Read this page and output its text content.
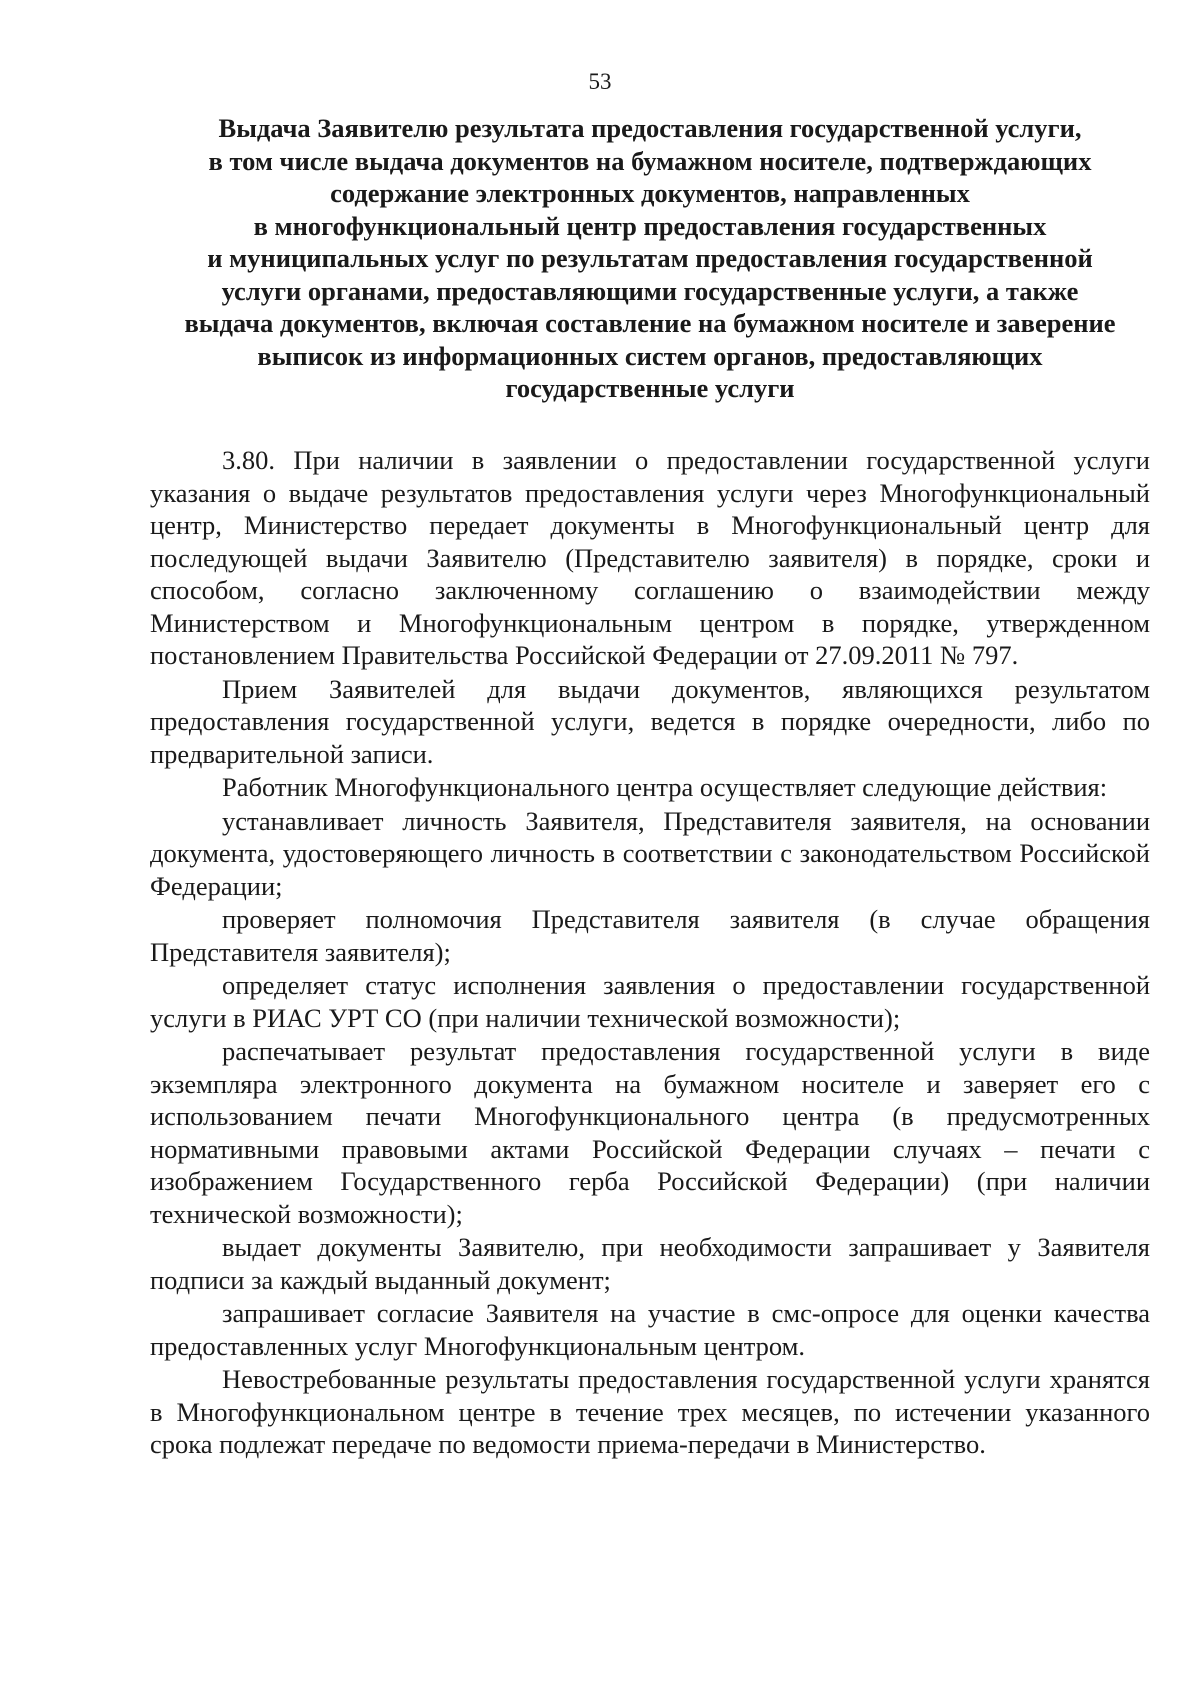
53
Выдача Заявителю результата предоставления государственной услуги,
в том числе выдача документов на бумажном носителе, подтверждающих
содержание электронных документов, направленных
в многофункциональный центр предоставления государственных
и муниципальных услуг по результатам предоставления государственной
услуги органами, предоставляющими государственные услуги, а также
выдача документов, включая составление на бумажном носителе и заверение
выписок из информационных систем органов, предоставляющих
государственные услуги

3.80. При наличии в заявлении о предоставлении государственной услуги указания о выдаче результатов предоставления услуги через Многофункциональный центр, Министерство передает документы в Многофункциональный центр для последующей выдачи Заявителю (Представителю заявителя) в порядке, сроки и способом, согласно заключенному соглашению о взаимодействии между Министерством и Многофункциональным центром в порядке, утвержденном постановлением Правительства Российской Федерации от 27.09.2011 № 797.

Прием Заявителей для выдачи документов, являющихся результатом предоставления государственной услуги, ведется в порядке очередности, либо по предварительной записи.

Работник Многофункционального центра осуществляет следующие действия:

устанавливает личность Заявителя, Представителя заявителя, на основании документа, удостоверяющего личность в соответствии с законодательством Российской Федерации;

проверяет полномочия Представителя заявителя (в случае обращения Представителя заявителя);

определяет статус исполнения заявления о предоставлении государственной услуги в РИАС УРТ СО (при наличии технической возможности);

распечатывает результат предоставления государственной услуги в виде экземпляра электронного документа на бумажном носителе и заверяет его с использованием печати Многофункционального центра (в предусмотренных нормативными правовыми актами Российской Федерации случаях – печати с изображением Государственного герба Российской Федерации) (при наличии технической возможности);

выдает документы Заявителю, при необходимости запрашивает у Заявителя подписи за каждый выданный документ;

запрашивает согласие Заявителя на участие в смс-опросе для оценки качества предоставленных услуг Многофункциональным центром.

Невостребованные результаты предоставления государственной услуги хранятся в Многофункциональном центре в течение трех месяцев, по истечении указанного срока подлежат передаче по ведомости приема-передачи в Министерство.
